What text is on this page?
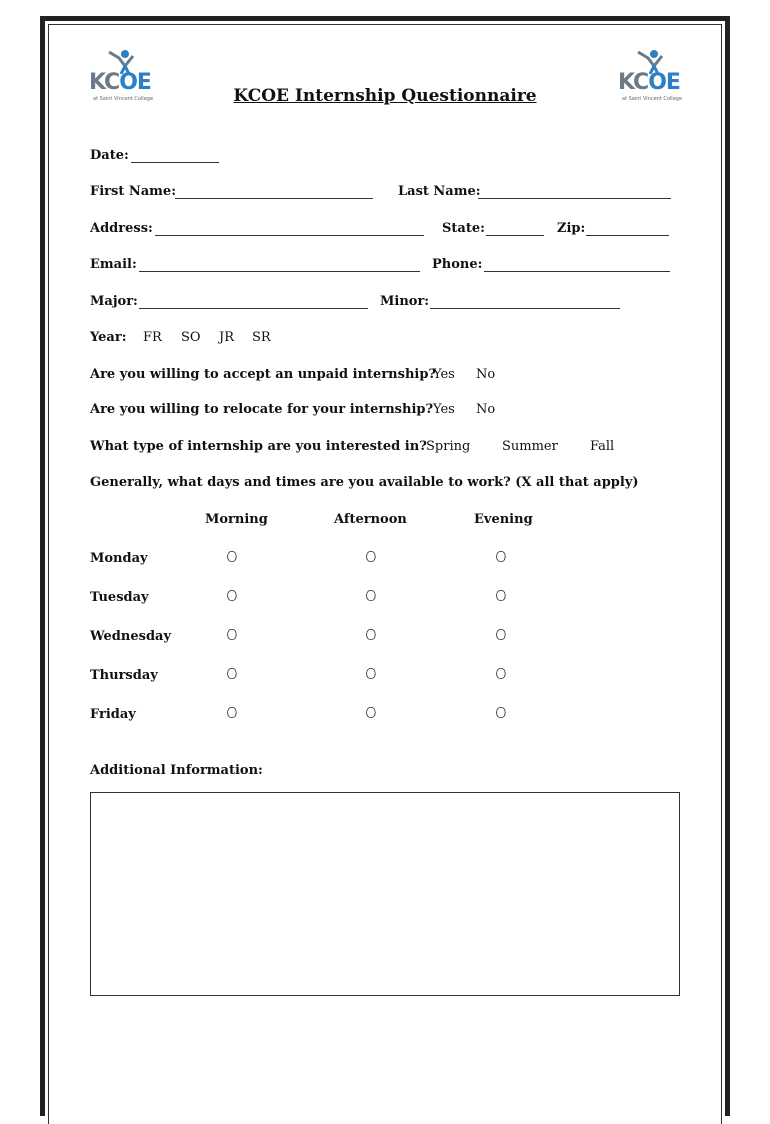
KCOE
at Saint Vincent College
KCOE
at Saint Vincent College
KCOE Internship Questionnaire
Date:
First Name:	Last Name:
Address:	State:	Zip:
Email:	Phone:
Major:	Minor:
Year: FR SO JR SR
Are you willing to accept an unpaid internship?
Yes No
Are you willing to relocate for your internship? Yes No
What type of internship are you interested in? Spring Summer Fall
Generally, what days and times are you available to work? (X all that apply)
Morning	Afternoon	Evening
Monday	O	O	O
Tuesday	O	O	O
Wednesday	O	O	O
Thursday	O	O	O
Friday	O	O	O
Additional Information:
